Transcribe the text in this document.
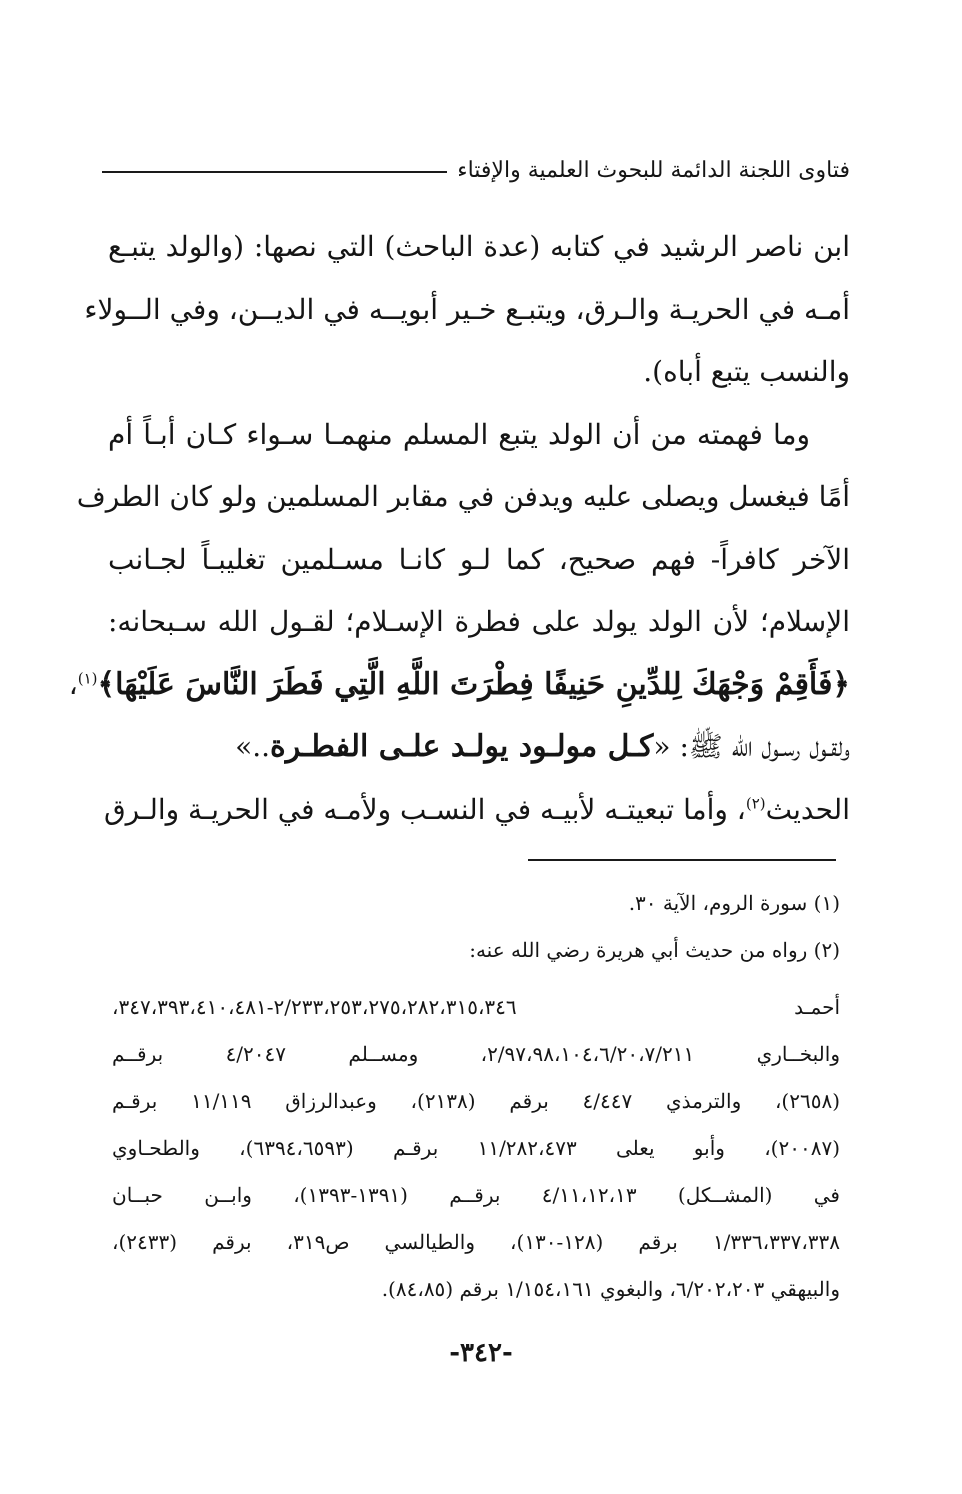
فتاوى اللجنة الدائمة للبحوث العلمية والإفتاء
ابن ناصر الرشيد في كتابه (عدة الباحث) التي نصها: (والولد يتبـع
أمـه في الحريـة والـرق، ويتبـع خـير أبويــه في الديــن، وفي الــولاء
والنسب يتبع أباه).
وما فهمته من أن الولد يتبع المسلم منهمـا سـواء كـان أبـاً أم
أمًا فيغسل ويصلى عليه ويدفن في مقابر المسلمين ولو كان الطرف
الآخر كافراً- فهم صحيح، كما لـو كانـا مسـلمين تغليبـاً لجـانب
الإسلام؛ لأن الولد يولد على فطرة الإسـلام؛ لقـول الله سـبحانه:
﴿فَأَقِمْ وَجْهَكَ لِلدِّينِ حَنِيفًا فِطْرَتَ اللَّهِ الَّتِي فَطَرَ النَّاسَ عَلَيْهَا﴾$^{(١)}$،
ولقـول رسـول الله ﷺ: «كـل مولـود يولـد علـى الفطـرة..»
الحديث$^{(٢)}$، وأما تبعيتـه لأبيـه في النسـب ولأمـه في الحريـة والـرق
(١) سورة الروم، الآية ٣٠.
(٢) رواه من حديث أبي هريرة رضي الله عنه:
أحمـد ٢/٢٣٣،٢٥٣،٢٧٥،٢٨٢،٣١٥،٣٤٦-٣٤٧،٣٩٣،٤١٠،٤٨١،
والبخــاري ٢/٩٧،٩٨،١٠٤،٦/٢٠،٧/٢١١، ومســلم ٤/٢٠٤٧ برقــم
(٢٦٥٨)، والترمذي ٤/٤٤٧ برقم (٢١٣٨)، وعبدالرزاق ١١/١١٩ برقـم
(٢٠٠٨٧)، وأبو يعلى ١١/٢٨٢،٤٧٣ برقـم (٦٣٩٤،٦٥٩٣)، والطحـاوي
في (المشــكل) ٤/١١،١٢،١٣ برقــم (١٣٩١-١٣٩٣)، وابــن حبــان
١/٣٣٦،٣٣٧،٣٣٨ برقم (١٢٨-١٣٠)، والطيالسي ص٣١٩، برقم (٢٤٣٣)،
والبيهقي ٦/٢٠٢،٢٠٣، والبغوي ١/١٥٤،١٦١ برقم (٨٤،٨٥).
-٣٤٢-
